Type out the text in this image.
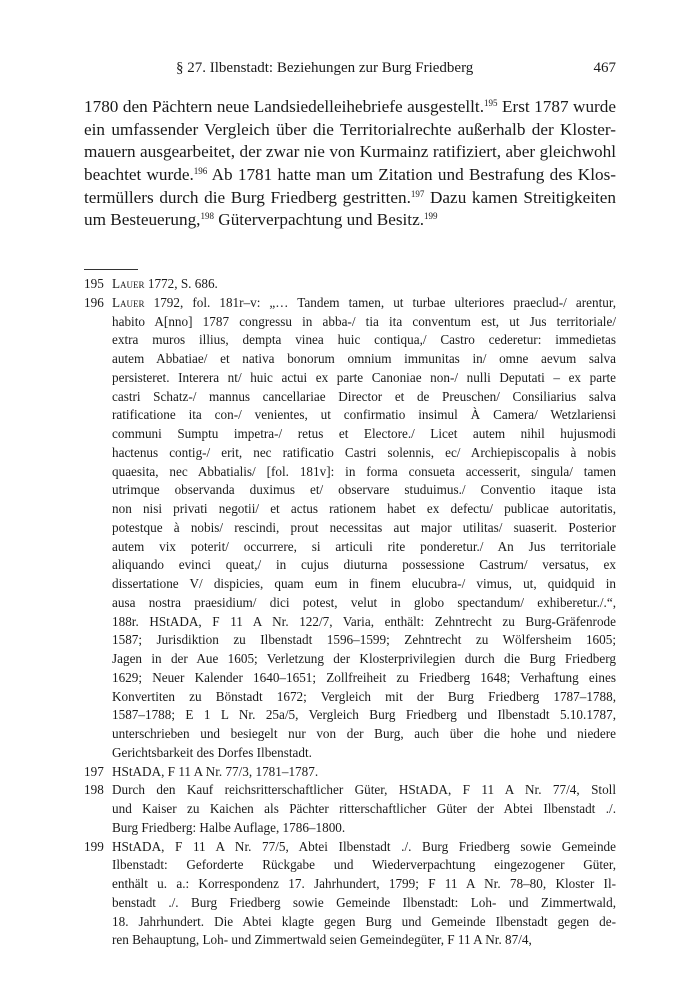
§ 27. Ilbenstadt: Beziehungen zur Burg Friedberg	467
1780 den Pächtern neue Landsiedelleihebriefe ausgestellt.$^{195}$ Erst 1787 wurde
ein umfassender Vergleich über die Territorialrechte außerhalb der Kloster-
mauern ausgearbeitet, der zwar nie von Kurmainz ratifiziert, aber gleichwohl
beachtet wurde.$^{196}$ Ab 1781 hatte man um Zitation und Bestrafung des Klos-
termüllers durch die Burg Friedberg gestritten.$^{197}$ Dazu kamen Streitigkeiten
um Besteuerung,$^{198}$ Güterverpachtung und Besitz.$^{199}$
195 Lauer 1772, S. 686.
196 Lauer 1792, fol. 181r–v: „… Tandem tamen, ut turbae ulteriores praeclud-/ arentur,
habito A[nno] 1787 congressu in abba-/ tia ita conventum est, ut Jus territoriale/
extra muros illius, dempta vinea huic contiqua,/ Castro cederetur: immedietas
autem Abbatiae/ et nativa bonorum omnium immunitas in/ omne aevum salva
persisteret. Interera nt/ huic actui ex parte Canoniae non-/ nulli Deputati – ex parte
castri Schatz-/ mannus cancellariae Director et de Preuschen/ Consiliarius salva
ratificatione ita con-/ venientes, ut confirmatio insimul À Camera/ Wetzlariensi
communi Sumptu impetra-/ retus et Electore./ Licet autem nihil hujusmodi
hactenus contig-/ erit, nec ratificatio Castri solennis, ec/ Archiepiscopalis à nobis
quaesita, nec Abbatialis/ [fol. 181v]: in forma consueta accesserit, singula/ tamen
utrimque observanda duximus et/ observare studuimus./ Conventio itaque ista
non nisi privati negotii/ et actus rationem habet ex defectu/ publicae autoritatis,
potestque à nobis/ rescindi, prout necessitas aut major utilitas/ suaserit. Posterior
autem vix poterit/ occurrere, si articuli rite ponderetur./ An Jus territoriale
aliquando evinci queat,/ in cujus diuturna possessione Castrum/ versatus, ex
dissertatione V/ dispicies, quam eum in finem elucubra-/ vimus, ut, quidquid in
ausa nostra praesidium/ dici potest, velut in globo spectandum/ exhiberetur./.“,
188r. HStADA, F 11 A Nr. 122/7, Varia, enthält: Zehntrecht zu Burg-Gräfenrode
1587; Jurisdiktion zu Ilbenstadt 1596–1599; Zehntrecht zu Wölfersheim 1605;
Jagen in der Aue 1605; Verletzung der Klosterprivilegien durch die Burg Friedberg
1629; Neuer Kalender 1640–1651; Zollfreiheit zu Friedberg 1648; Verhaftung eines
Konvertiten zu Bönstadt 1672; Vergleich mit der Burg Friedberg 1787–1788,
1587–1788; E 1 L Nr. 25a/5, Vergleich Burg Friedberg und Ilbenstadt 5.10.1787,
unterschrieben und besiegelt nur von der Burg, auch über die hohe und niedere
Gerichtsbarkeit des Dorfes Ilbenstadt.
197 HStADA, F 11 A Nr. 77/3, 1781–1787.
198 Durch den Kauf reichsritterschaftlicher Güter, HStADA, F 11 A Nr. 77/4, Stoll
und Kaiser zu Kaichen als Pächter ritterschaftlicher Güter der Abtei Ilbenstadt ./.
Burg Friedberg: Halbe Auflage, 1786–1800.
199 HStADA, F 11 A Nr. 77/5, Abtei Ilbenstadt ./. Burg Friedberg sowie Gemeinde
Ilbenstadt: Geforderte Rückgabe und Wiederverpachtung eingezogener Güter,
enthält u. a.: Korrespondenz 17. Jahrhundert, 1799; F 11 A Nr. 78–80, Kloster Il-
benstadt ./. Burg Friedberg sowie Gemeinde Ilbenstadt: Loh- und Zimmertwald,
18. Jahrhundert. Die Abtei klagte gegen Burg und Gemeinde Ilbenstadt gegen de-
ren Behauptung, Loh- und Zimmertwald seien Gemeindegüter, F 11 A Nr. 87/4,
